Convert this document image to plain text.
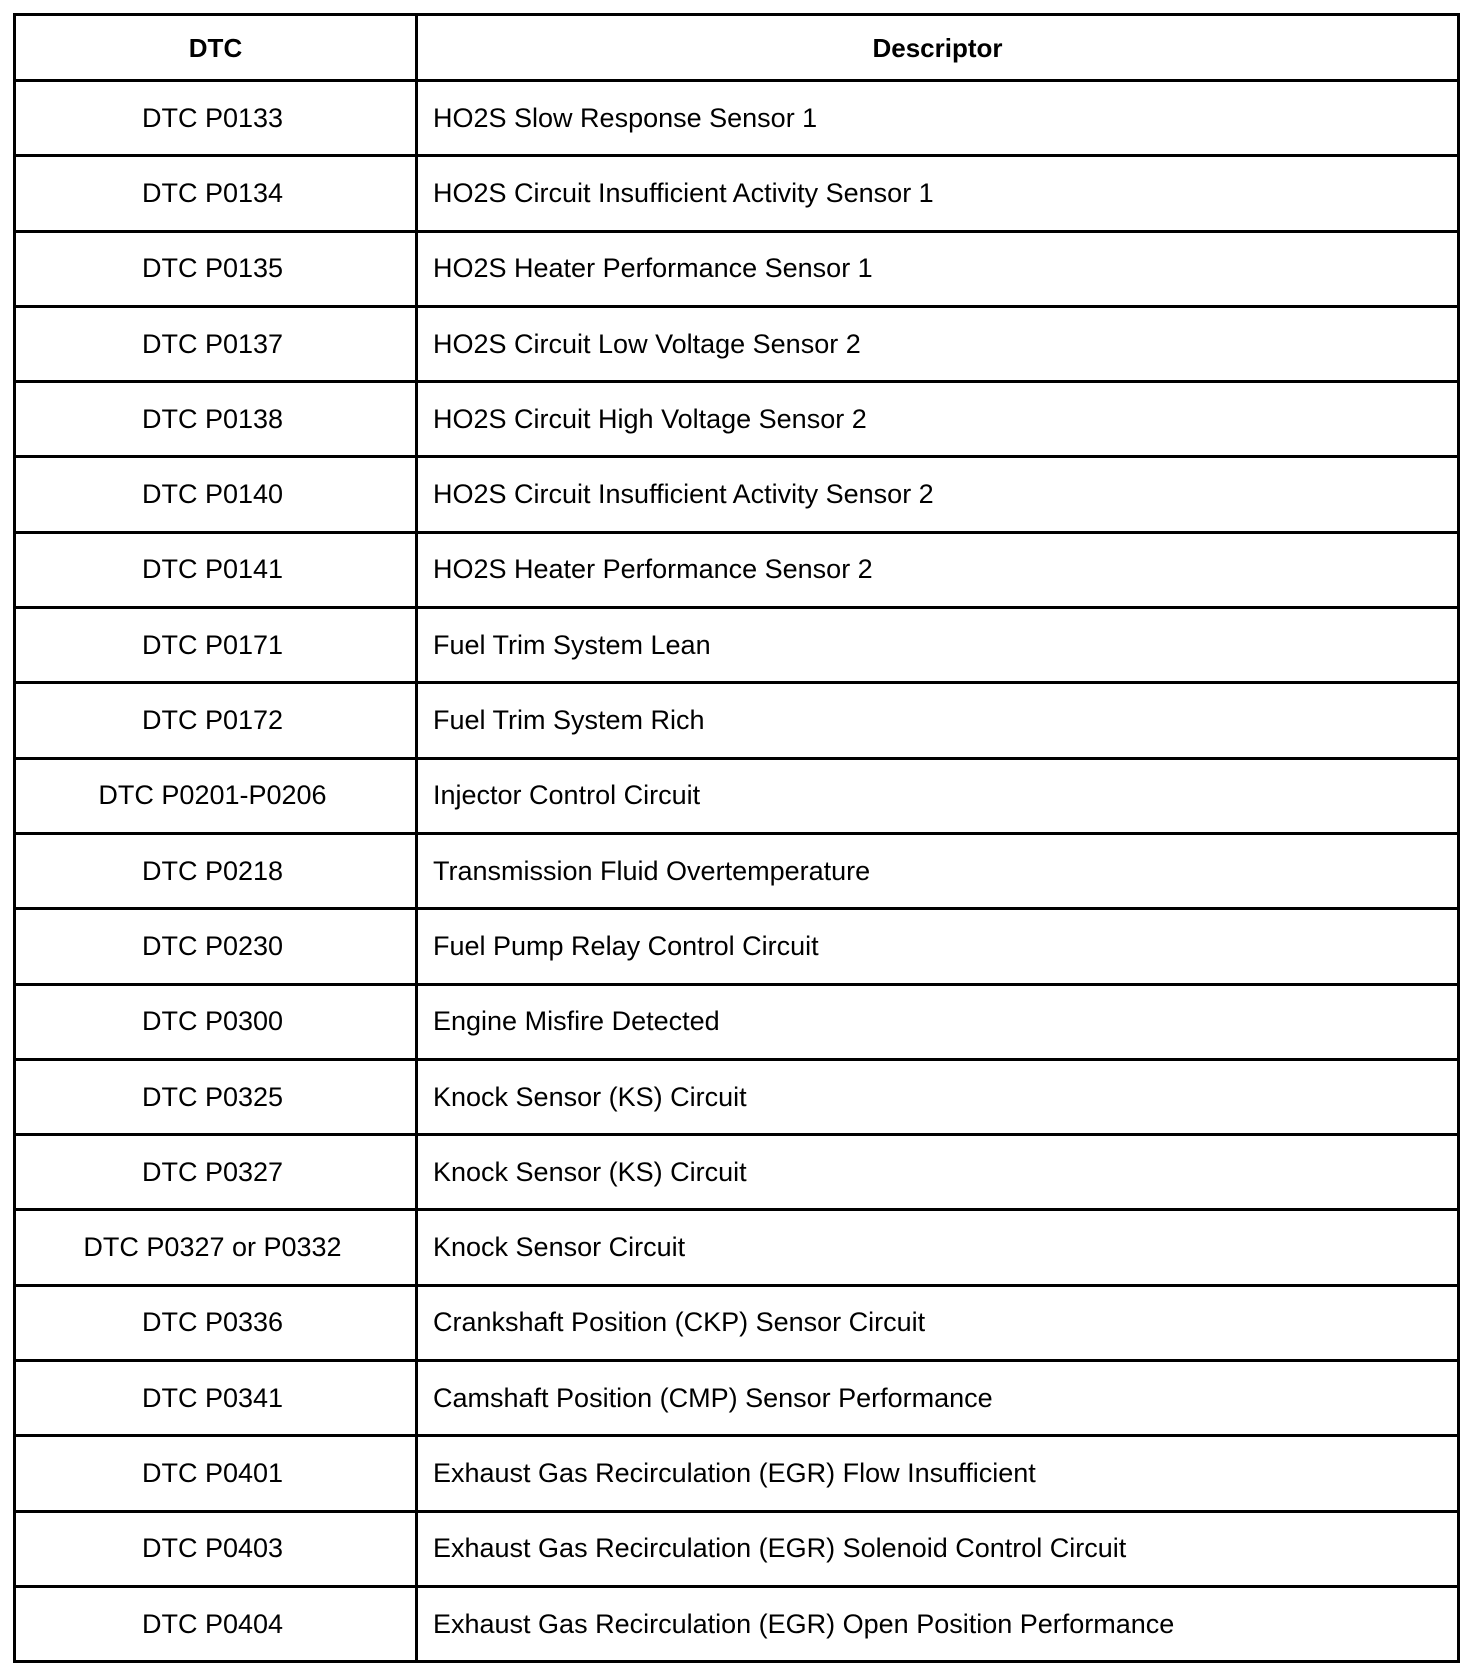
DTC	Descriptor
DTC P0133	HO2S Slow Response Sensor 1
DTC P0134	HO2S Circuit Insufficient Activity Sensor 1
DTC P0135	HO2S Heater Performance Sensor 1
DTC P0137	HO2S Circuit Low Voltage Sensor 2
DTC P0138	HO2S Circuit High Voltage Sensor 2
DTC P0140	HO2S Circuit Insufficient Activity Sensor 2
DTC P0141	HO2S Heater Performance Sensor 2
DTC P0171	Fuel Trim System Lean
DTC P0172	Fuel Trim System Rich
DTC P0201-P0206	Injector Control Circuit
DTC P0218	Transmission Fluid Overtemperature
DTC P0230	Fuel Pump Relay Control Circuit
DTC P0300	Engine Misfire Detected
DTC P0325	Knock Sensor (KS) Circuit
DTC P0327	Knock Sensor (KS) Circuit
DTC P0327 or P0332	Knock Sensor Circuit
DTC P0336	Crankshaft Position (CKP) Sensor Circuit
DTC P0341	Camshaft Position (CMP) Sensor Performance
DTC P0401	Exhaust Gas Recirculation (EGR) Flow Insufficient
DTC P0403	Exhaust Gas Recirculation (EGR) Solenoid Control Circuit
DTC P0404	Exhaust Gas Recirculation (EGR) Open Position Performance
